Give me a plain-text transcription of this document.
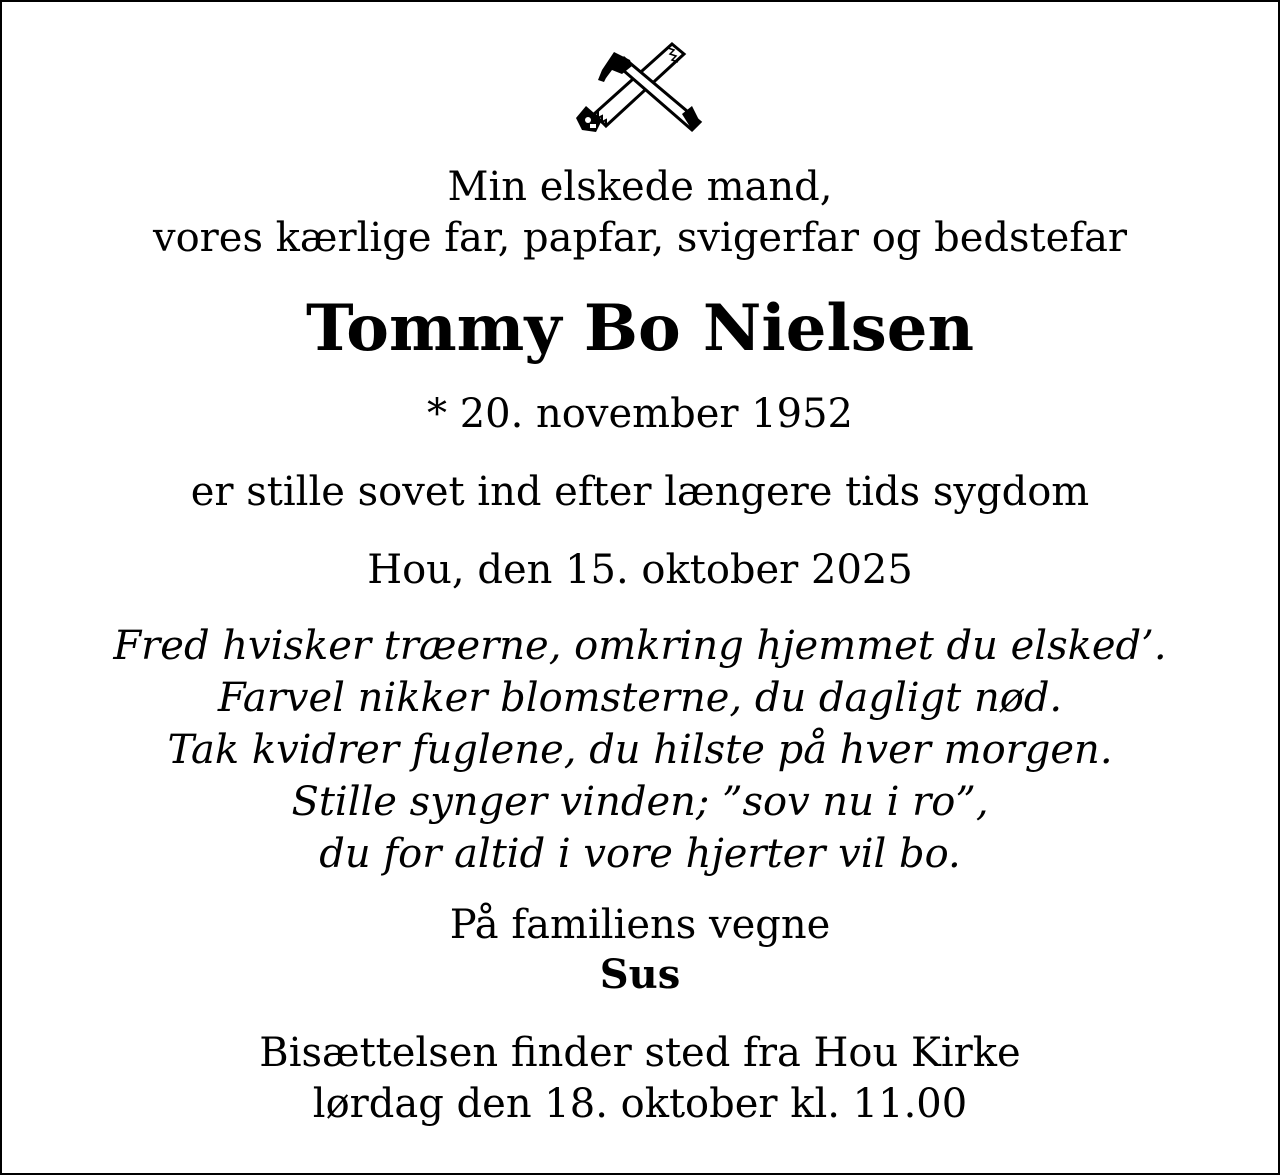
Min elskede mand,
vores kærlige far, papfar, svigerfar og bedstefar
Tommy Bo Nielsen
* 20. november 1952
er stille sovet ind efter længere tids sygdom
Hou, den 15. oktober 2025
Fred hvisker træerne, omkring hjemmet du elsked’.
Farvel nikker blomsterne, du dagligt nød.
Tak kvidrer fuglene, du hilste på hver morgen.
Stille synger vinden; ”sov nu i ro”,
du for altid i vore hjerter vil bo.
På familiens vegne
Sus
Bisættelsen finder sted fra Hou Kirke
lørdag den 18. oktober kl. 11.00
